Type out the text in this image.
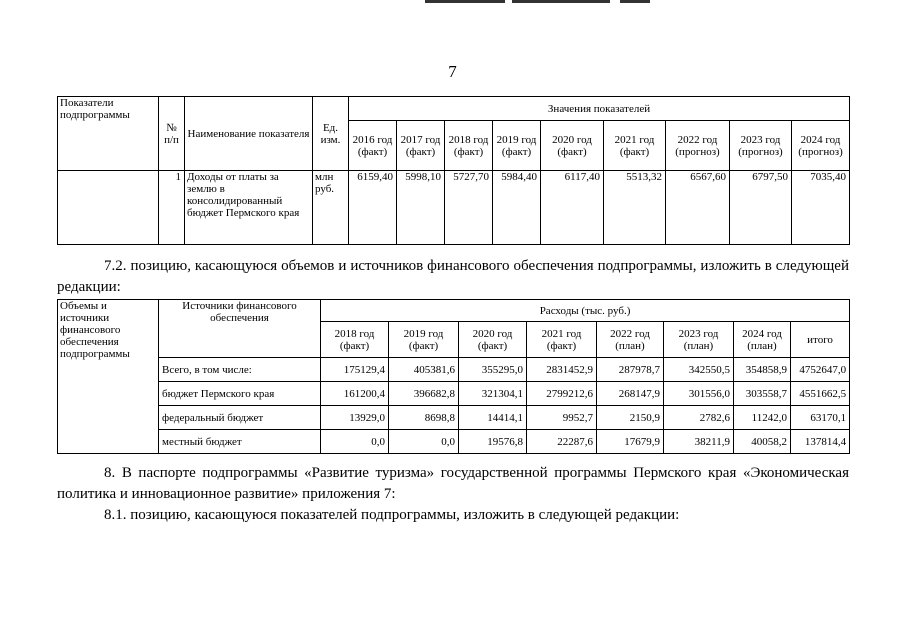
7
Показатели подпрограммы	№ п/п	Наименование показателя	Ед. изм.	Значения показателей								
				2016 год (факт)	2017 год (факт)	2018 год (факт)	2019 год (факт)	2020 год (факт)	2021 год (факт)	2022 год (прогноз)	2023 год (прогноз)	2024 год (прогноз)
	1	Доходы от платы за землю в консолидированный бюджет Пермского края	млн руб.	6159,40	5998,10	5727,70	5984,40	6117,40	5513,32	6567,60	6797,50	7035,40

7.2. позицию, касающуюся объемов и источников финансового обеспечения подпрограммы, изложить в следующей редакции:

Объемы и источники финансового обеспечения подпрограммы	Источники финансового обеспечения	Расходы (тыс. руб.)							
		2018 год (факт)	2019 год (факт)	2020 год (факт)	2021 год (факт)	2022 год (план)	2023 год (план)	2024 год (план)	итого
	Всего, в том числе:	175129,4	405381,6	355295,0	2831452,9	287978,7	342550,5	354858,9	4752647,0
	бюджет Пермского края	161200,4	396682,8	321304,1	2799212,6	268147,9	301556,0	303558,7	4551662,5
	федеральный бюджет	13929,0	8698,8	14414,1	9952,7	2150,9	2782,6	11242,0	63170,1
	местный бюджет	0,0	0,0	19576,8	22287,6	17679,9	38211,9	40058,2	137814,4

8. В паспорте подпрограммы «Развитие туризма» государственной программы Пермского края «Экономическая политика и инновационное развитие» приложения 7:

8.1. позицию, касающуюся показателей подпрограммы, изложить в следующей редакции:
